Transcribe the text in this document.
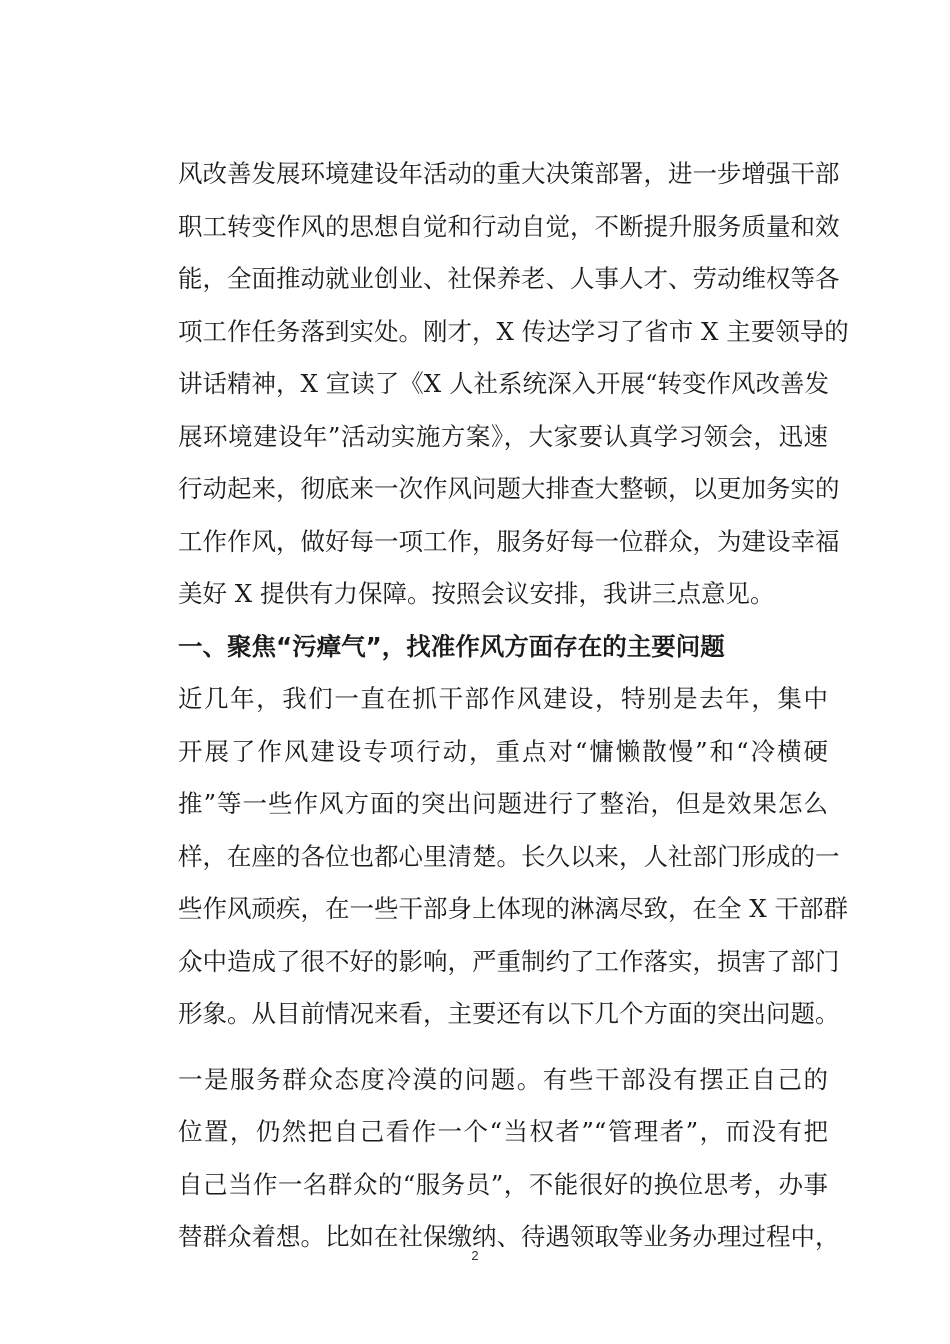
风改善发展环境建设年活动的重大决策部署，进一步增强干部
职工转变作风的思想自觉和行动自觉，不断提升服务质量和效
能，全面推动就业创业、社保养老、人事人才、劳动维权等各
项工作任务落到实处。刚才，X 传达学习了省市 X 主要领导的
讲话精神，X 宣读了《X 人社系统深入开展“转变作风改善发
展环境建设年”活动实施方案》，大家要认真学习领会，迅速
行动起来，彻底来一次作风问题大排查大整顿，以更加务实的
工作作风，做好每一项工作，服务好每一位群众，为建设幸福
美好 X 提供有力保障。按照会议安排，我讲三点意见。
一、聚焦“污瘴气”，找准作风方面存在的主要问题
近几年，我们一直在抓干部作风建设，特别是去年，集中
开展了作风建设专项行动，重点对“慵懒散慢”和“冷横硬
推”等一些作风方面的突出问题进行了整治，但是效果怎么
样，在座的各位也都心里清楚。长久以来，人社部门形成的一
些作风顽疾，在一些干部身上体现的淋漓尽致，在全 X 干部群
众中造成了很不好的影响，严重制约了工作落实，损害了部门
形象。从目前情况来看，主要还有以下几个方面的突出问题。
一是服务群众态度冷漠的问题。有些干部没有摆正自己的
位置，仍然把自己看作一个“当权者”“管理者”，而没有把
自己当作一名群众的“服务员”，不能很好的换位思考，办事
替群众着想。比如在社保缴纳、待遇领取等业务办理过程中，
2
